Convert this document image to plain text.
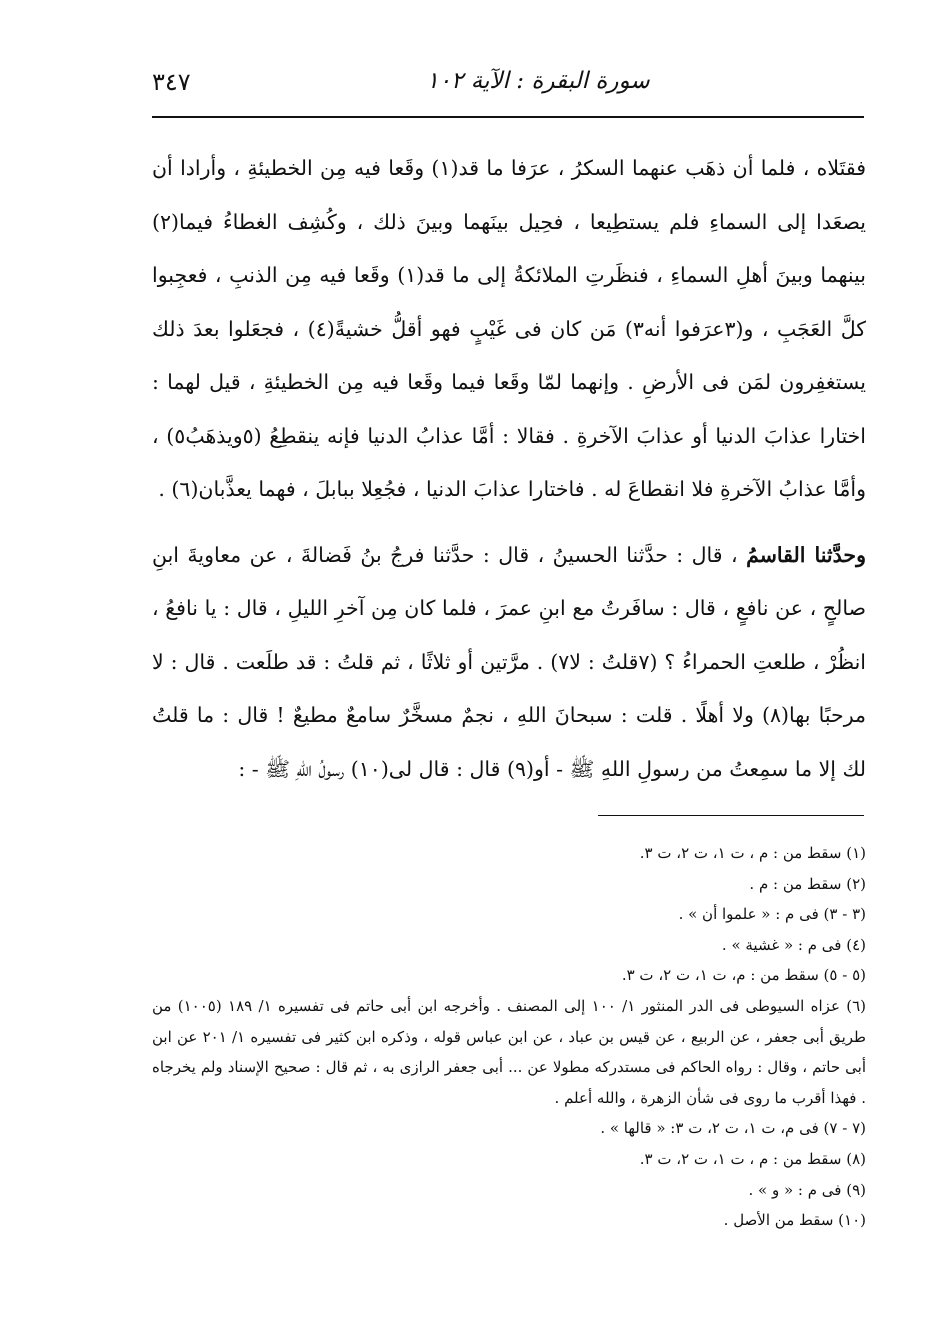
سورة البقرة : الآية ١٠٢
٣٤٧

فقتَلاه ، فلما أن ذهَب عنهما السكرُ ، عرَفا ما قد(١) وقَعا فيه مِن الخطيئةِ ، وأرادا أن يصعَدا إلى السماءِ فلم يستطِيعا ، فحِيل بينَهما وبينَ ذلك ، وكُشِف الغطاءُ فيما(٢) بينهما وبينَ أهلِ السماءِ ، فنظَرتِ الملائكةُ إلى ما قد(١) وقَعا فيه مِن الذنبِ ، فعجِبوا كلَّ العَجَبِ ، و(٣عرَفوا أنه٣) مَن كان فى غَيْبٍ فهو أقلُّ خشيةً(٤) ، فجعَلوا بعدَ ذلك يستغفِرون لمَن فى الأرضِ . وإنهما لمّا وقَعا فيما وقَعا فيه مِن الخطيئةِ ، قيل لهما : اختارا عذابَ الدنيا أو عذابَ الآخرةِ . فقالا : أمَّا عذابُ الدنيا فإنه ينقطِعُ (٥ويذهَبُ٥) ، وأمَّا عذابُ الآخرةِ فلا انقطاعَ له . فاختارا عذابَ الدنيا ، فجُعِلا ببابلَ ، فهما يعذَّبان(٦) .

وحدَّثنا القاسمُ ، قال : حدَّثنا الحسينُ ، قال : حدَّثنا فرجُ بنُ فَضالةَ ، عن معاويةَ ابنِ صالحٍ ، عن نافعٍ ، قال : سافَرتُ مع ابنِ عمرَ ، فلما كان مِن آخرِ الليلِ ، قال : يا نافعُ ، انظُرْ ، طلعتِ الحمراءُ ؟ (٧قلتُ : لا٧) . مرَّتين أو ثلاثًا ، ثم قلتُ : قد طلَعت . قال : لا مرحبًا بها(٨) ولا أهلًا . قلت : سبحانَ اللهِ ، نجمٌ مسخَّرٌ سامعٌ مطيعٌ ! قال : ما قلتُ لك إلا ما سمِعتُ من رسولِ اللهِ ﷺ - أو(٩) قال : قال لى(١٠) رسولُ اللهِ ﷺ - :

(١) سقط من : م ، ت ١، ت ٢، ت ٣.

(٢) سقط من : م .

(٣ - ٣) فى م : « علموا أن » .

(٤) فى م : « غشية » .

(٥ - ٥) سقط من : م، ت ١، ت ٢، ت ٣.

(٦) عزاه السيوطى فى الدر المنثور ١/ ١٠٠ إلى المصنف . وأخرجه ابن أبى حاتم فى تفسيره ١/ ١٨٩ (١٠٠٥) من طريق أبى جعفر ، عن الربيع ، عن قيس بن عباد ، عن ابن عباس قوله ، وذكره ابن كثير فى تفسيره ١/ ٢٠١ عن ابن أبى حاتم ، وقال : رواه الحاكم فى مستدركه مطولا عن ... أبى جعفر الرازى به ، ثم قال : صحيح الإسناد ولم يخرجاه . فهذا أقرب ما روى فى شأن الزهرة ، والله أعلم .

(٧ - ٧) فى م، ت ١، ت ٢، ت ٣: « قالها » .

(٨) سقط من : م ، ت ١، ت ٢، ت ٣.

(٩) فى م : « و » .

(١٠) سقط من الأصل .
